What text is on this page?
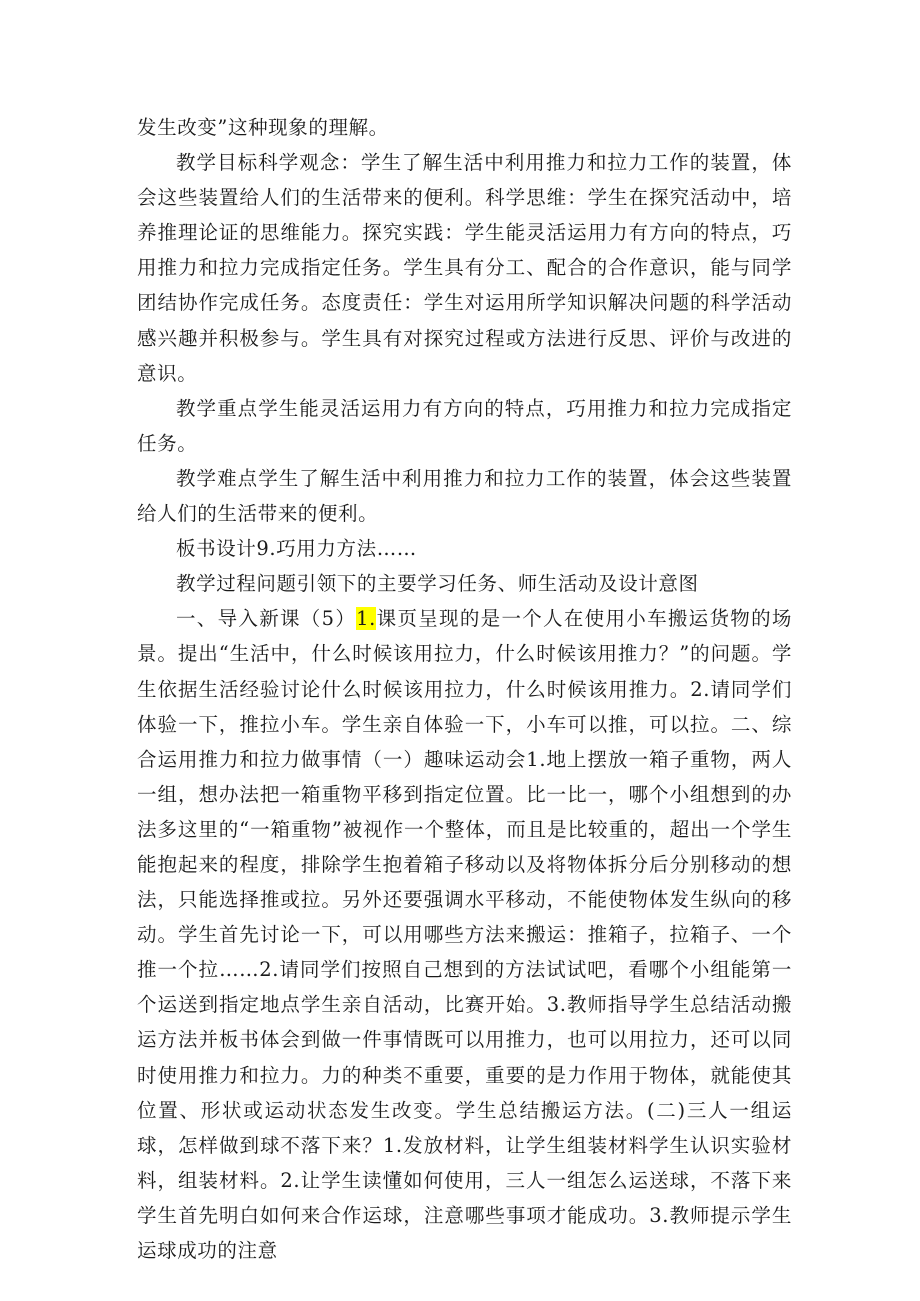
发生改变”这种现象的理解。

教学目标科学观念：学生了解生活中利用推力和拉力工作的装置，体会这些装置给人们的生活带来的便利。科学思维：学生在探究活动中，培养推理论证的思维能力。探究实践：学生能灵活运用力有方向的特点，巧用推力和拉力完成指定任务。学生具有分工、配合的合作意识，能与同学团结协作完成任务。态度责任：学生对运用所学知识解决问题的科学活动感兴趣并积极参与。学生具有对探究过程或方法进行反思、评价与改进的意识。

教学重点学生能灵活运用力有方向的特点，巧用推力和拉力完成指定任务。

教学难点学生了解生活中利用推力和拉力工作的装置，体会这些装置给人们的生活带来的便利。

板书设计9.巧用力方法……

教学过程问题引领下的主要学习任务、师生活动及设计意图

一、导入新课（5）1.课页呈现的是一个人在使用小车搬运货物的场景。提出“生活中，什么时候该用拉力，什么时候该用推力？”的问题。学生依据生活经验讨论什么时候该用拉力，什么时候该用推力。2.请同学们体验一下，推拉小车。学生亲自体验一下，小车可以推，可以拉。二、综合运用推力和拉力做事情（一）趣味运动会1.地上摆放一箱子重物，两人一组，想办法把一箱重物平移到指定位置。比一比一，哪个小组想到的办法多这里的“一箱重物”被视作一个整体，而且是比较重的，超出一个学生能抱起来的程度，排除学生抱着箱子移动以及将物体拆分后分别移动的想法，只能选择推或拉。另外还要强调水平移动，不能使物体发生纵向的移动。学生首先讨论一下，可以用哪些方法来搬运：推箱子，拉箱子、一个推一个拉……2.请同学们按照自己想到的方法试试吧，看哪个小组能第一个运送到指定地点学生亲自活动，比赛开始。3.教师指导学生总结活动搬运方法并板书体会到做一件事情既可以用推力，也可以用拉力，还可以同时使用推力和拉力。力的种类不重要，重要的是力作用于物体，就能使其位置、形状或运动状态发生改变。学生总结搬运方法。(二)三人一组运球，怎样做到球不落下来？1.发放材料，让学生组装材料学生认识实验材料，组装材料。2.让学生读懂如何使用，三人一组怎么运送球，不落下来学生首先明白如何来合作运球，注意哪些事项才能成功。3.教师提示学生运球成功的注意
